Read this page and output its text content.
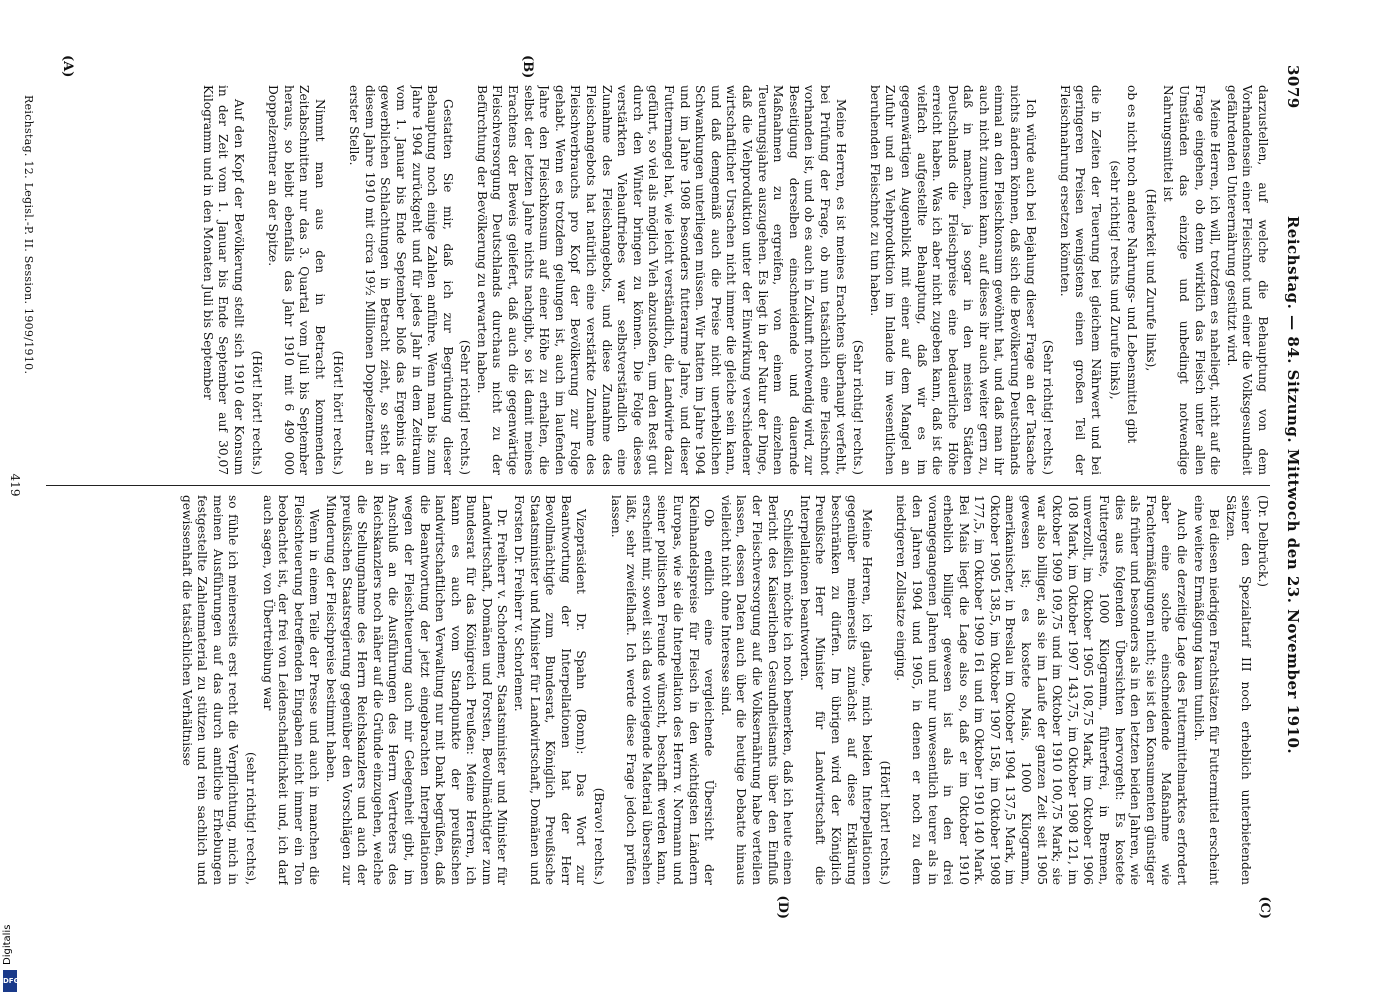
DFG
3079
Reichstag. — 84. Sitzung. Mittwoch den 23. November 1910.
(C)
(A)	(B)
(D)

darzustellen, auf welche die Behauptung von dem Vorhandensein einer Fleischnot und einer die Volksgesundheit gefährdenden Unterernährung gestützt wird.

Meine Herren, ich will, trotzdem es naheliegt, nicht auf die Frage eingehen, ob denn wirklich das Fleisch unter allen Umständen das einzige und unbedingt notwendige Nahrungsmittel ist

(Heiterkeit und Zurufe links),

ob es nicht noch andere Nahrungs- und Lebensmittel gibt

(sehr richtig! rechts und Zurufe links),

die in Zeiten der Teuerung bei gleichem Nährwert und bei geringeren Preisen wenigstens einen großen Teil der Fleischnahrung ersetzen könnten.

(Sehr richtig! rechts.)

Ich würde auch bei Bejahung dieser Frage an der Tatsache nichts ändern können, daß sich die Bevölkerung Deutschlands einmal an den Fleischkonsum gewöhnt hat, und daß man ihr auch nicht zumuten kann, auf dieses ihr auch weiter gern zu, daß in manchen, ja sogar in den meisten Städten Deutschlands die Fleischpreise eine bedauerliche Höhe erreicht haben. Was ich aber nicht zugeben kann, daß ist die vielfach aufgestellte Behauptung, daß wir es im gegenwärtigen Augenblick mit einer auf dem Mangel an Zufuhr und an Viehproduktion im Inlande im wesentlichen beruhenden Fleischnot zu tun haben.

(Sehr richtig! rechts.)

Meine Herren, es ist meines Erachtens überhaupt verfehlt, bei Prüfung der Frage, ob nun tatsächlich eine Fleischnot vorhanden ist, und ob es auch in Zukunft notwendig wird, zur Beseitigung derselben einschneidende und dauernde Maßnahmen zu ergreifen, von einem einzelnen Teuerungsjahre auszugehen. Es liegt in der Natur der Dinge, daß die Viehproduktion unter der Einwirkung verschiedener wirtschaftlicher Ursachen nicht immer die gleiche sein kann, und daß demgemäß auch die Preise nicht unerheblichen Schwankungen unterliegen müssen. Wir hatten im Jahre 1904 und im Jahre 1908 besonders futterarme Jahre, und dieser Futtermangel hat, wie leicht verständlich, die Landwirte dazu geführt, so viel als möglich Vieh abzustoßen, um den Rest gut durch den Winter bringen zu können. Die Folge dieses verstärkten Viehauftriebes war selbstverständlich eine Zunahme des Fleischangebots, und diese Zunahme des Fleischangebots hat natürlich eine verstärkte Zunahme des Fleischverbrauchs pro Kopf der Bevölkerung zur Folge gehabt. Wenn es trotzdem gelungen ist, auch im laufenden Jahre den Fleischkonsum auf einer Höhe zu erhalten, die selbst der letzten Jahre nichts nachgibt, so ist damit meines Erachtens der Beweis geliefert, daß auch die gegenwärtige Fleischversorgung Deutschlands durchaus nicht zu der Befürchtung der Bevölkerung zu erwarten haben.

(Sehr richtig! rechts.)

Gestatten Sie mir, daß ich zur Begründung dieser Behauptung noch einige Zahlen anführe. Wenn man bis zum Jahre 1904 zurückgeht und für jedes Jahr in dem Zeitraum vom 1. Januar bis Ende September bloß das Ergebnis der gewerblichen Schlachtungen in Betracht zieht, so steht in diesem Jahre 1910 mit circa 19½ Millionen Doppelzentner an erster Stelle.

(Hört! hört! rechts.)

Nimmt man aus den in Betracht kommenden Zeitabschnitten nur das 3. Quartal vom Juli bis September heraus, so bleibt ebenfalls das Jahr 1910 mit 6 490 000 Doppelzentner an der Spitze.

(Hört! hört! rechts.)

Auf den Kopf der Bevölkerung stellt sich 1910 der Konsum in der Zeit vom 1. Januar bis Ende September auf 30,07 Kilogramm und in den Monaten Juli bis September

(Dr. Delbrück.)

seiner den Spezialtarif III noch erheblich unterbietenden Sätzen.

Bei diesen niedrigen Frachtsätzen für Futtermittel erscheint eine weitere Ermäßigung kaum tunlich.

Auch die derzeitige Lage des Futtermittelmarktes erfordert aber eine solche einschneidende Maßnahme wie Frachtermäßigungen nicht; sie ist den Konsumenten günstiger als früher und besonders als in den letzten beiden Jahren, wie dies aus folgenden Übersichten hervorgeht: Es kostete Futtergerste, 1000 Kilogramm, führerfrei, in Bremen, unverzollt, im Oktober 1905 108,75 Mark, im Oktober 1906 108 Mark, im Oktober 1907 143,75, im Oktober 1908 121, im Oktober 1909 109,75 und im Oktober 1910 100,75 Mark; sie war also billiger, als sie im Laufe der ganzen Zeit seit 1905 gewesen ist; es kostete Mais, 1000 Kilogramm, amerikanischer, in Breslau im Oktober 1904 137,5 Mark, im Oktober 1905 138,5, im Oktober 1907 158, im Oktober 1908 177,5, im Oktober 1909 161 und im Oktober 1910 140 Mark. Bei Mais liegt die Lage also so, daß er im Oktober 1910 erheblich billiger gewesen ist als in den drei vorangegangenen Jahren und nur unwesentlich teurer als in den Jahren 1904 und 1905, in denen er noch zu dem niedrigeren Zollsatze einging.

(Hört! hört! rechts.)

Meine Herren, ich glaube, mich beiden Interpellationen gegenüber meinerseits zunächst auf diese Erklärung beschränken zu dürfen. Im übrigen wird der Königlich Preußische Herr Minister für Landwirtschaft die Interpellationen beantworten.

Schließlich möchte ich noch bemerken, daß ich heute einen Bericht des Kaiserlichen Gesundheitsamts über den Einfluß der Fleischversorgung auf die Volksernährung habe verteilen lassen, dessen Daten auch über die heutige Debatte hinaus vielleicht nicht ohne Interesse sind.

Ob endlich eine vergleichende Übersicht der Kleinhandelspreise für Fleisch in den wichtigsten Ländern Europas, wie sie die Interpellation des Herrn v. Normann und seiner politischen Freunde wünscht, beschafft werden kann, erscheint mir, soweit sich das vorliegende Material übersehen läßt, sehr zweifelhaft. Ich werde diese Frage jedoch prüfen lassen.

(Bravo! rechts.)

Vizepräsident Dr. Spahn (Bonn): Das Wort zur Beantwortung der Interpellationen hat der Herr Bevollmächtigte zum Bundesrat, Königlich Preußische Staatsminister und Minister für Landwirtschaft, Domänen und Forsten Dr. Freiherr v. Schorlemer.

Dr. Freiherr v. Schorlemer, Staatsminister und Minister für Landwirtschaft, Domänen und Forsten, Bevollmächtigter zum Bundesrat für das Königreich Preußen: Meine Herren, ich kann es auch vom Standpunkte der preußischen landwirtschaftlichen Verwaltung nur mit Dank begrüßen, daß die Beantwortung der jetzt eingebrachten Interpellationen wegen der Fleischteuerung auch mir Gelegenheit gibt, im Anschluß an die Ausführungen des Herrn Vertreters des Reichskanzlers noch näher auf die Gründe einzugehen, welche die Stellungnahme des Herrn Reichskanzlers und auch der preußischen Staatsregierung gegenüber den Vorschlägen zur Minderung der Fleischpreise bestimmt haben.

Wenn in einem Teile der Presse und auch in manchen die Fleischteuerung betreffenden Eingaben nicht immer ein Ton beobachtet ist, der frei von Leidenschaftlichkeit und, ich darf auch sagen, von Übertreibung war

(sehr richtig! rechts),

so fühle ich meinerseits erst recht die Verpflichtung, mich in meinen Ausführungen auf das durch amtliche Erhebungen festgestellte Zahlenmaterial zu stützen und rein sachlich und gewissenhaft die tatsächlichen Verhältnisse

Reichstag. 12. Legisl.-P. II. Session. 1909/1910.
419
